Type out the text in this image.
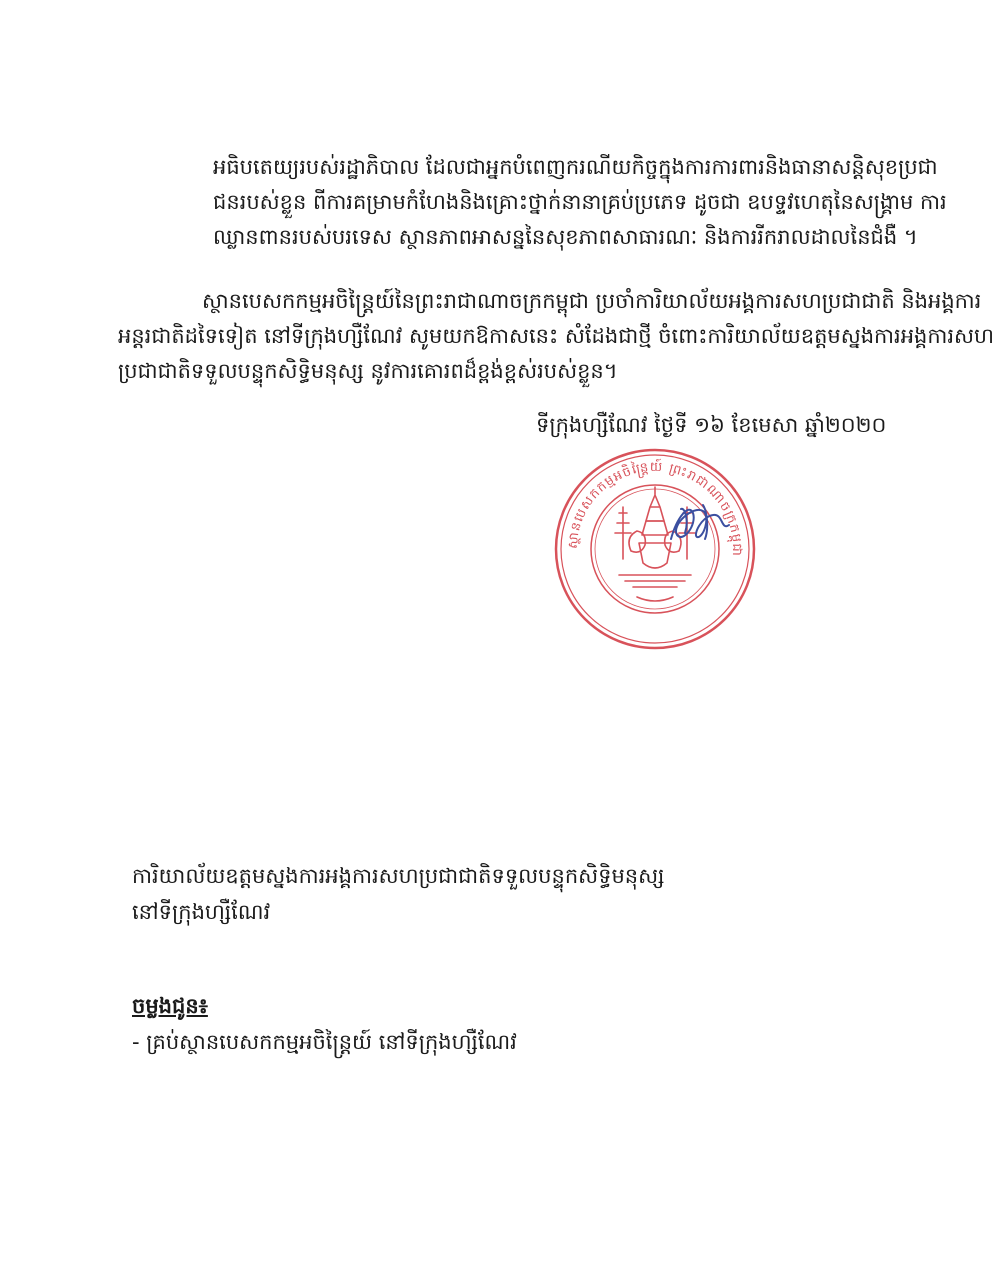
អធិបតេយ្យរបស់រដ្ឋាភិបាល ដែលជាអ្នកបំពេញករណីយកិច្ចក្នុងការការពារនិងធានាសន្តិសុខប្រជា
ជនរបស់ខ្លួន ពីការគម្រាមកំហែងនិងគ្រោះថ្នាក់នានាគ្រប់ប្រភេទ ដូចជា ឧបទ្ទវហេតុនៃសង្គ្រាម ការ
ឈ្លានពានរបស់បរទេស ស្ថានភាពអាសន្ននៃសុខភាពសាធារណៈ និងការរីករាលដាលនៃជំងឺ ។
ស្ថានបេសកកម្មអចិន្ត្រៃយ៍នៃព្រះរាជាណាចក្រកម្ពុជា ប្រចាំការិយាល័យអង្គការសហប្រជាជាតិ និងអង្គការ
អន្តរជាតិដទៃទៀត នៅទីក្រុងហ្សឺណែវ សូមយកឱកាសនេះ សំដែងជាថ្មី ចំពោះការិយាល័យឧត្តមស្នងការអង្គការសហ
ប្រជាជាតិទទួលបន្ទុកសិទ្ធិមនុស្ស នូវការគោរពដ៏ខ្ពង់ខ្ពស់របស់ខ្លួន។
ទីក្រុងហ្សឺណែវ ថ្ងៃទី ១៦ ខែមេសា ឆ្នាំ២០២០
ស្ថានបេសកកម្មអចិន្ត្រៃយ៍ ព្រះរាជាណាចក្រកម្ពុជា
ការិយាល័យឧត្តមស្នងការអង្គការសហប្រជាជាតិទទួលបន្ទុកសិទ្ធិមនុស្ស
នៅទីក្រុងហ្សឺណែវ
ចម្លងជូន៖
- គ្រប់ស្ថានបេសកកម្មអចិន្ត្រៃយ៍ នៅទីក្រុងហ្សឺណែវ
